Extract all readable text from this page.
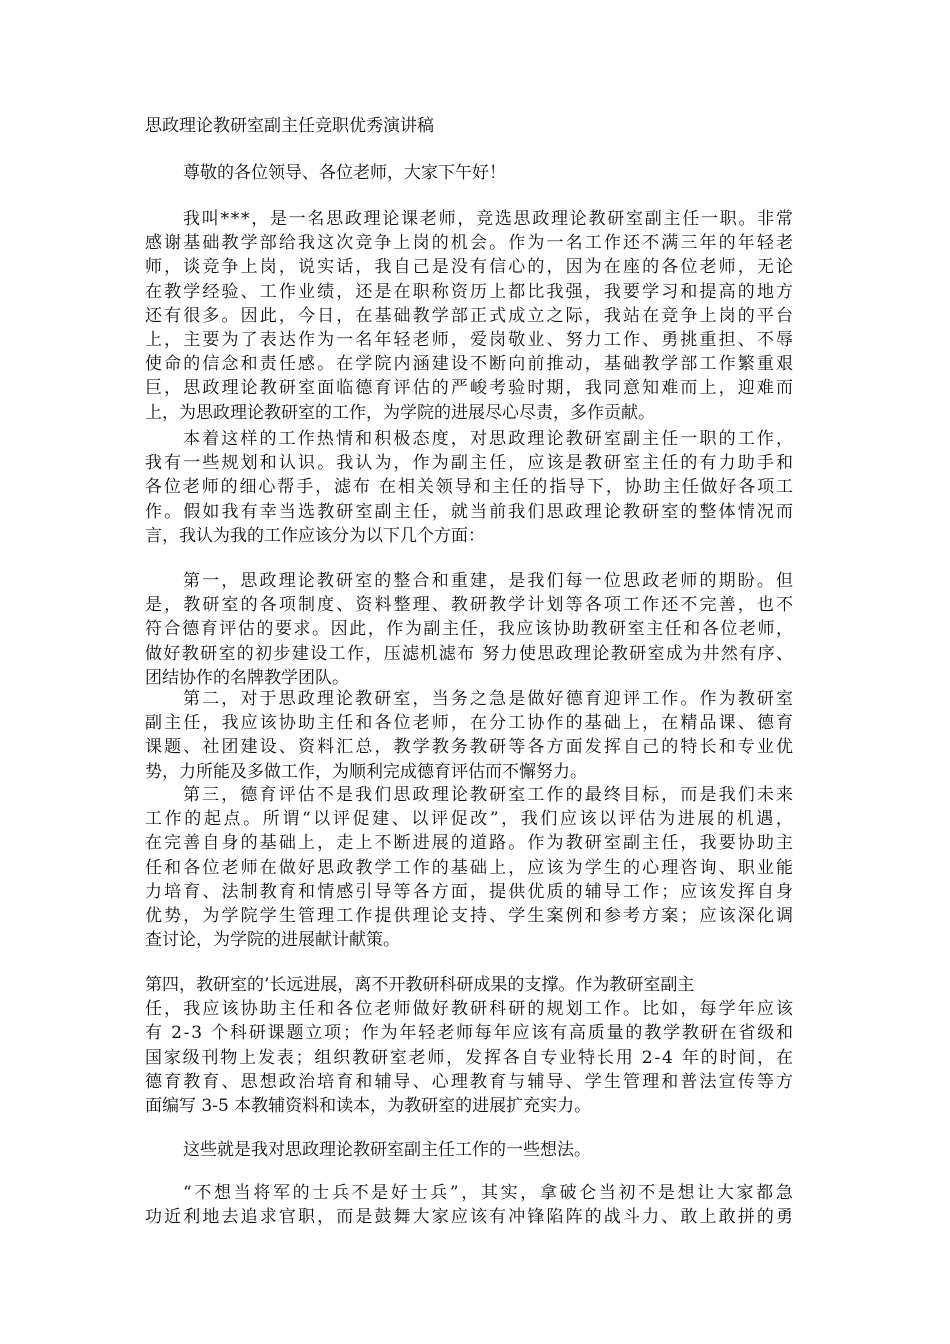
思政理论教研室副主任竞职优秀演讲稿
尊敬的各位领导、各位老师，大家下午好！
我叫***，是一名思政理论课老师，竞选思政理论教研室副主任一职。非常
感谢基础教学部给我这次竞争上岗的机会。作为一名工作还不满三年的年轻老
师，谈竞争上岗，说实话，我自己是没有信心的，因为在座的各位老师，无论
在教学经验、工作业绩，还是在职称资历上都比我强，我要学习和提高的地方
还有很多。因此，今日，在基础教学部正式成立之际，我站在竞争上岗的平台
上，主要为了表达作为一名年轻老师，爱岗敬业、努力工作、勇挑重担、不辱
使命的信念和责任感。在学院内涵建设不断向前推动，基础教学部工作繁重艰
巨，思政理论教研室面临德育评估的严峻考验时期，我同意知难而上，迎难而
上，为思政理论教研室的工作，为学院的进展尽心尽责，多作贡献。
本着这样的工作热情和积极态度，对思政理论教研室副主任一职的工作，
我有一些规划和认识。我认为，作为副主任，应该是教研室主任的有力助手和
各位老师的细心帮手，滤布 在相关领导和主任的指导下，协助主任做好各项工
作。假如我有幸当选教研室副主任，就当前我们思政理论教研室的整体情况而
言，我认为我的工作应该分为以下几个方面：
第一，思政理论教研室的整合和重建，是我们每一位思政老师的期盼。但
是，教研室的各项制度、资料整理、教研教学计划等各项工作还不完善，也不
符合德育评估的要求。因此，作为副主任，我应该协助教研室主任和各位老师，
做好教研室的初步建设工作，压滤机滤布 努力使思政理论教研室成为井然有序、
团结协作的名牌教学团队。
第二，对于思政理论教研室，当务之急是做好德育迎评工作。作为教研室
副主任，我应该协助主任和各位老师，在分工协作的基础上，在精品课、德育
课题、社团建设、资料汇总，教学教务教研等各方面发挥自己的特长和专业优
势，力所能及多做工作，为顺利完成德育评估而不懈努力。
第三，德育评估不是我们思政理论教研室工作的最终目标，而是我们未来
工作的起点。所谓“以评促建、以评促改”，我们应该以评估为进展的机遇，
在完善自身的基础上，走上不断进展的道路。作为教研室副主任，我要协助主
任和各位老师在做好思政教学工作的基础上，应该为学生的心理咨询、职业能
力培育、法制教育和情感引导等各方面，提供优质的辅导工作；应该发挥自身
优势，为学院学生管理工作提供理论支持、学生案例和参考方案；应该深化调
查讨论，为学院的进展献计献策。
第四，教研室的’长远进展，离不开教研科研成果的支撑。作为教研室副主
任，我应该协助主任和各位老师做好教研科研的规划工作。比如，每学年应该
有 2-3 个科研课题立项；作为年轻老师每年应该有高质量的教学教研在省级和
国家级刊物上发表；组织教研室老师，发挥各自专业特长用 2-4 年的时间，在
德育教育、思想政治培育和辅导、心理教育与辅导、学生管理和普法宣传等方
面编写 3-5 本教辅资料和读本，为教研室的进展扩充实力。
这些就是我对思政理论教研室副主任工作的一些想法。
“不想当将军的士兵不是好士兵”，其实，拿破仑当初不是想让大家都急
功近利地去追求官职，而是鼓舞大家应该有冲锋陷阵的战斗力、敢上敢拼的勇
